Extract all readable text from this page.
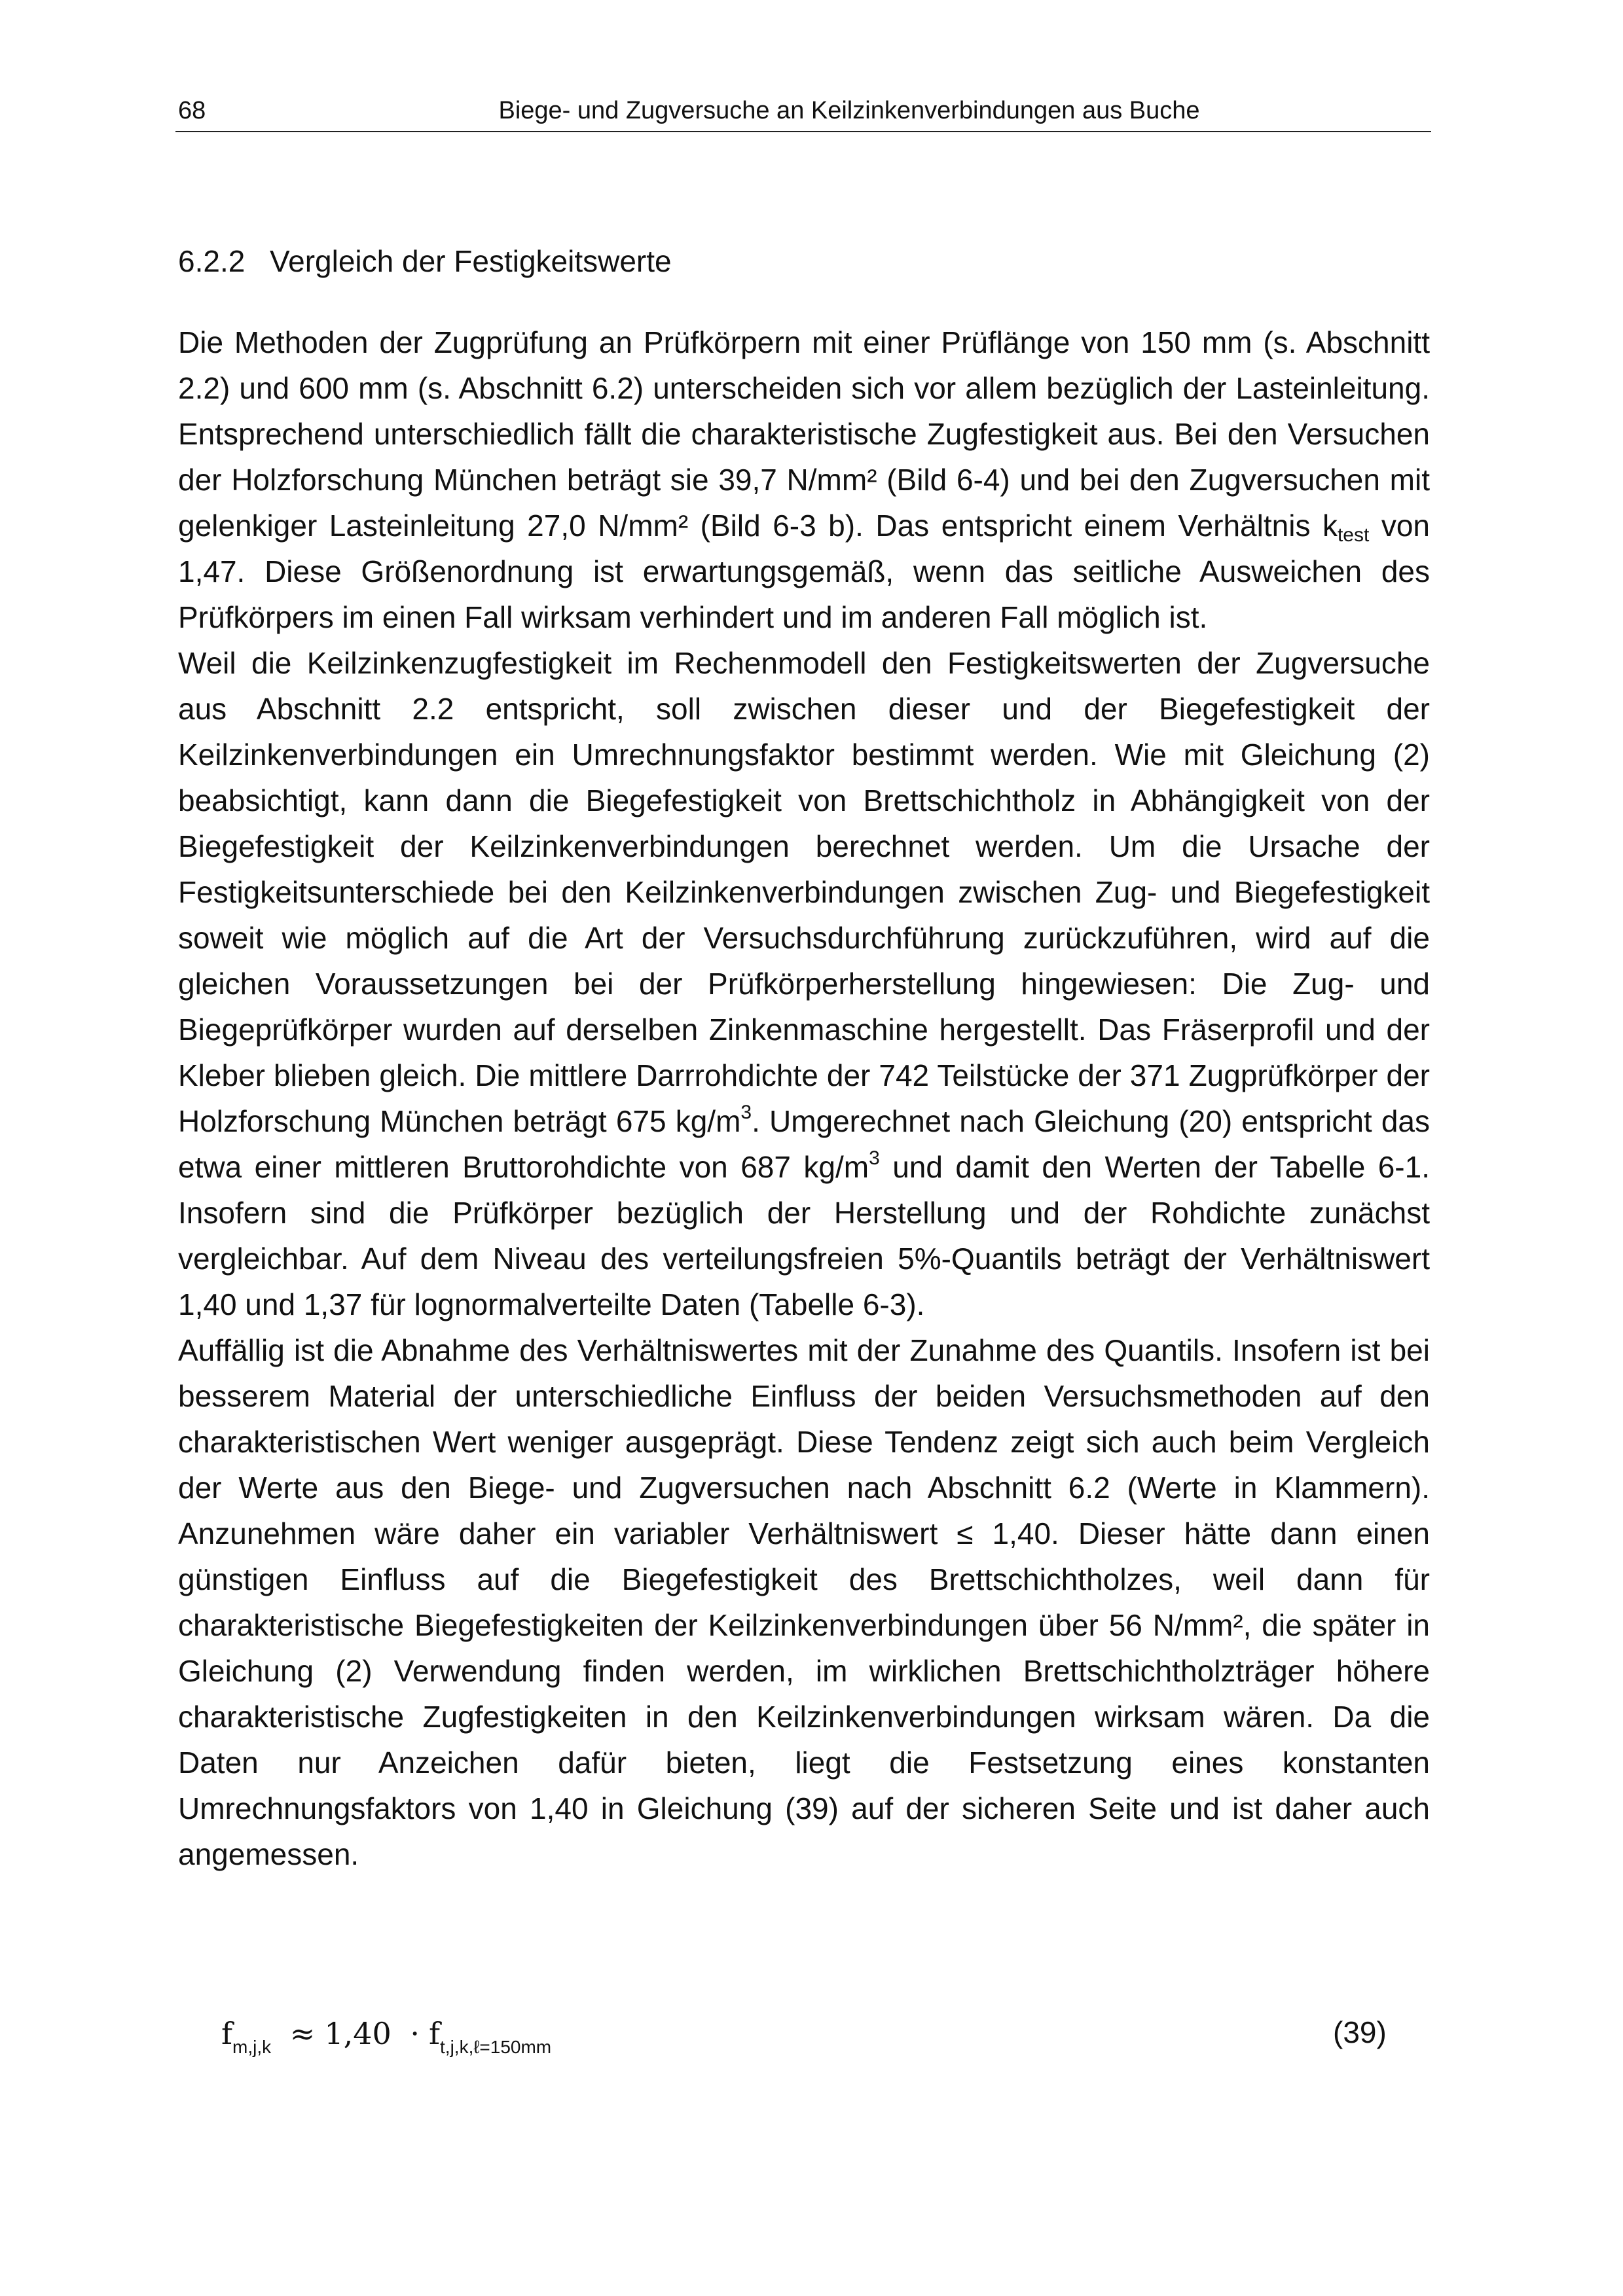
68	Biege- und Zugversuche an Keilzinkenverbindungen aus Buche
6.2.2 Vergleich der Festigkeitswerte

Die Methoden der Zugprüfung an Prüfkörpern mit einer Prüflänge von 150 mm (s. Abschnitt 2.2) und 600 mm (s. Abschnitt 6.2) unterscheiden sich vor allem bezüglich der Lasteinleitung. Entsprechend unterschiedlich fällt die charakteristische Zugfestigkeit aus. Bei den Versuchen der Holzforschung München beträgt sie 39,7 N/mm² (Bild 6-4) und bei den Zugversuchen mit gelenkiger Lasteinleitung 27,0 N/mm² (Bild 6-3 b). Das entspricht einem Verhältnis $k_{test}$ von 1,47. Diese Größenordnung ist erwartungsgemäß, wenn das seitliche Ausweichen des Prüfkörpers im einen Fall wirksam verhindert und im anderen Fall möglich ist.

Weil die Keilzinkenzugfestigkeit im Rechenmodell den Festigkeitswerten der Zugversuche aus Abschnitt 2.2 entspricht, soll zwischen dieser und der Biegefestigkeit der Keilzinkenverbindungen ein Umrechnungsfaktor bestimmt werden. Wie mit Gleichung (2) beabsichtigt, kann dann die Biegefestigkeit von Brettschichtholz in Abhängigkeit von der Biegefestigkeit der Keilzinkenverbindungen berechnet werden. Um die Ursache der Festigkeitsunterschiede bei den Keilzinkenverbindungen zwischen Zug- und Biegefestigkeit soweit wie möglich auf die Art der Versuchsdurchführung zurückzuführen, wird auf die gleichen Voraussetzungen bei der Prüfkörperherstellung hingewiesen: Die Zug- und Biegeprüfkörper wurden auf derselben Zinkenmaschine hergestellt. Das Fräserprofil und der Kleber blieben gleich. Die mittlere Darrrohdichte der 742 Teilstücke der 371 Zugprüfkörper der Holzforschung München beträgt 675 $kg/m^3$. Umgerechnet nach Gleichung (20) entspricht das etwa einer mittleren Bruttorohdichte von 687 $kg/m^3$ und damit den Werten der Tabelle 6-1. Insofern sind die Prüfkörper bezüglich der Herstellung und der Rohdichte zunächst vergleichbar. Auf dem Niveau des verteilungsfreien 5%-Quantils beträgt der Verhältniswert 1,40 und 1,37 für lognormalverteilte Daten (Tabelle 6-3).

Auffällig ist die Abnahme des Verhältniswertes mit der Zunahme des Quantils. Insofern ist bei besserem Material der unterschiedliche Einfluss der beiden Versuchsmethoden auf den charakteristischen Wert weniger ausgeprägt. Diese Tendenz zeigt sich auch beim Vergleich der Werte aus den Biege- und Zugversuchen nach Abschnitt 6.2 (Werte in Klammern). Anzunehmen wäre daher ein variabler Verhältniswert ≤ 1,40. Dieser hätte dann einen günstigen Einfluss auf die Biegefestigkeit des Brettschichtholzes, weil dann für charakteristische Biegefestigkeiten der Keilzinkenverbindungen über 56 N/mm², die später in Gleichung (2) Verwendung finden werden, im wirklichen Brettschichtholzträger höhere charakteristische Zugfestigkeiten in den Keilzinkenverbindungen wirksam wären. Da die Daten nur Anzeichen dafür bieten, liegt die Festsetzung eines konstanten Umrechnungsfaktors von 1,40 in Gleichung (39) auf der sicheren Seite und ist daher auch angemessen.

$f_{m,j,k} \approx 1,40 \cdot f_{t,j,k,\ell=150mm}$	(39)
